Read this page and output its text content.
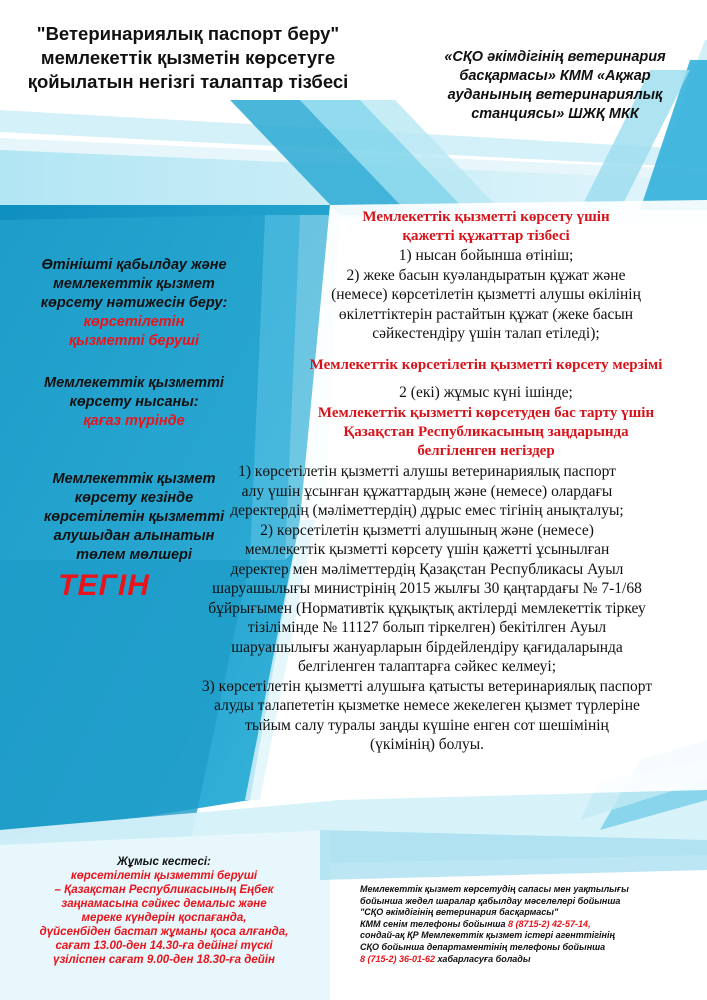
"Ветеринариялық паспорт беру"
мемлекеттік қызметін көрсетуге
қойылатын негізгі талаптар тізбесі
«СҚО әкімдігінің ветеринария
басқармасы» КММ «Ақжар
ауданының ветеринариялық
станциясы» ШЖҚ МКК
Өтінішті қабылдау және
мемлекеттік қызмет
көрсету нәтижесін беру:
көрсетілетін
қызметті беруші
Мемлекеттік қызметті
көрсету нысаны:
қағаз түрінде
Мемлекеттік қызмет
көрсету кезінде
көрсетілетін қызметті
алушыдан алынатын
төлем мөлшері
ТЕГІН
Мемлекеттік қызметті көрсету үшін
қажетті құжаттар тізбесі
1) нысан бойынша өтініш;
2) жеке басын куәландыратын құжат және
(немесе) көрсетілетін қызметті алушы өкілінің
өкілеттіктерін растайтын құжат (жеке басын
сәйкестендіру үшін талап етіледі);
Мемлекеттік көрсетілетін қызметті көрсету мерзімі
2 (екі) жұмыс күні ішінде;
Мемлекеттік қызметті көрсетуден бас тарту үшін
Қазақстан Республикасының заңдарында
белгіленген негіздер
1) көрсетілетін қызметті алушы ветеринариялық паспорт
алу үшін ұсынған құжаттардың және (немесе) олардағы
деректердің (мәліметтердің) дұрыс емес тігінің анықталуы;
2) көрсетілетін қызметті алушының және (немесе)
мемлекеттік қызметті көрсету үшін қажетті ұсынылған
деректер мен мәліметтердің Қазақстан Республикасы Ауыл
шаруашылығы министрінің 2015 жылғы 30 қаңтардағы № 7-1/68
бұйрығымен (Нормативтік құқықтық актілерді мемлекеттік тіркеу
тізілімінде № 11127 болып тіркелген) бекітілген Ауыл
шаруашылығы жануарларын бірдейлендіру қағидаларында
белгіленген талаптарға сәйкес келмеуі;
3) көрсетілетін қызметті алушыға қатысты ветеринариялық паспорт
алуды талапететін қызметке немесе жекелеген қызмет түрлеріне
тыйым салу туралы заңды күшіне енген сот шешімінің
(үкімінің) болуы.
Жұмыс кестесі:
көрсетілетін қызметті беруші
– Қазақстан Республикасының Еңбек
заңнамасына сәйкес демалыс және
мереке күндерін қоспағанда,
дүйсенбіден бастап жұманы қоса алғанда,
сағат 13.00-ден 14.30-ға дейінгі түскі
үзіліспен сағат 9.00-ден 18.30-ға дейін
Мемлекеттік қызмет көрсетудің сапасы мен уақтылығы
бойынша жедел шаралар қабылдау мәселелері бойынша
"СҚО әкімдігінің ветеринария басқармасы"
КММ сенім телефоны бойынша 8 (8715-2) 42-57-14,
сондай-ақ ҚР Мемлекеттік қызмет істері агенттігінің
СҚО бойынша департаментінің телефоны бойынша
8 (715-2) 36-01-62 хабарласуға болады
